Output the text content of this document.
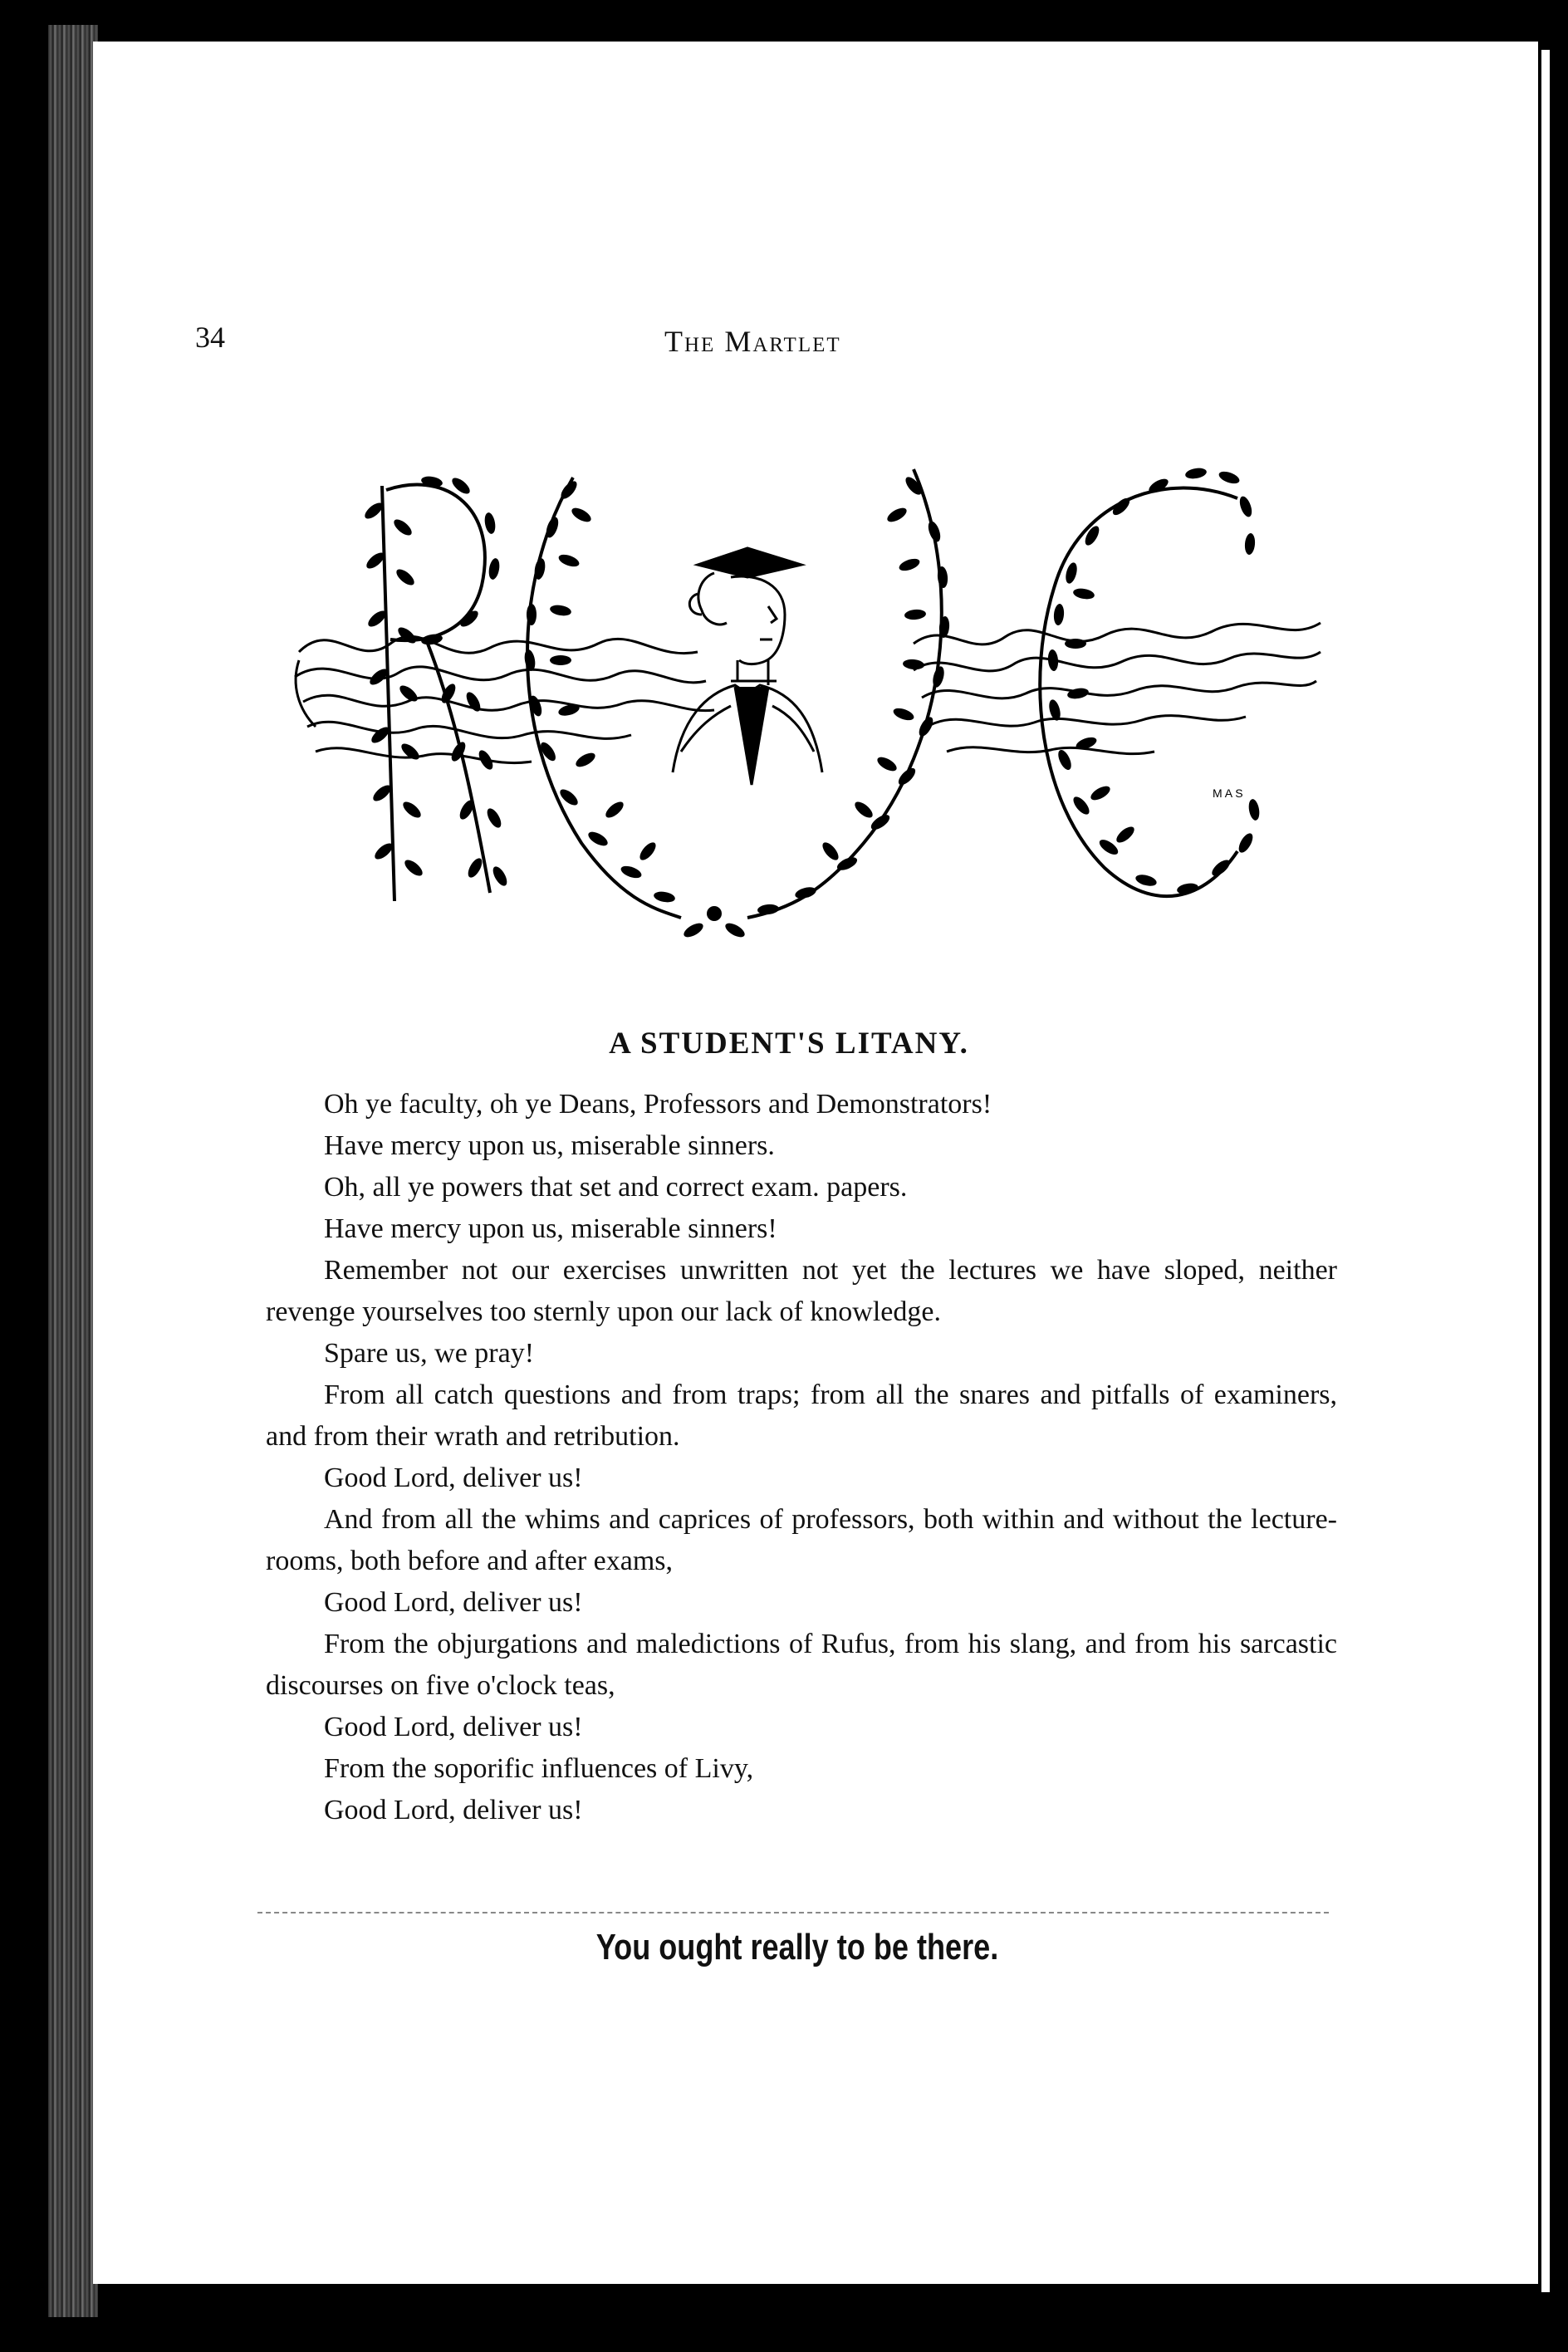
34	The Martlet
M A S
A STUDENT'S LITANY.

Oh ye faculty, oh ye Deans, Professors and Demonstrators!

Have mercy upon us, miserable sinners.

Oh, all ye powers that set and correct exam. papers.

Have mercy upon us, miserable sinners!

Remember not our exercises unwritten not yet the lectures we have sloped, neither revenge yourselves too sternly upon our lack of knowledge.

Spare us, we pray!

From all catch questions and from traps; from all the snares and pitfalls of examiners, and from their wrath and retribution.

Good Lord, deliver us!

And from all the whims and caprices of professors, both within and without the lecture-rooms, both before and after exams,

Good Lord, deliver us!

From the objurgations and maledictions of Rufus, from his slang, and from his sarcastic discourses on five o'clock teas,

Good Lord, deliver us!

From the soporific influences of Livy,

Good Lord, deliver us!

You ought really to be there.
